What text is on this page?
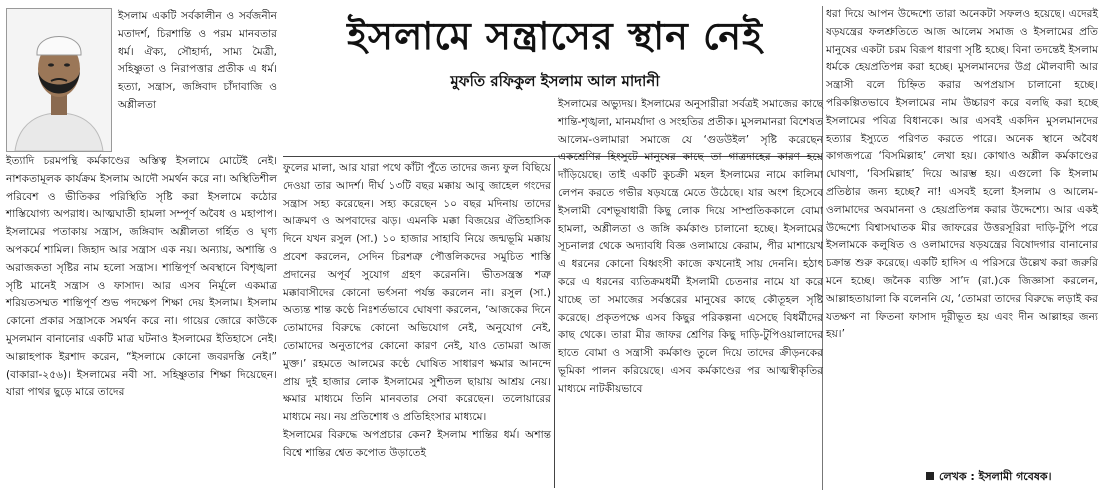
ইসলাম একটি সর্বকালীন ও সর্বজনীন মতাদর্শ, চিরশান্তি ও পরম মানবতার ধর্ম। ঐক্য, সৌহার্দ্য, সাম্য মৈত্রী, সহিষ্ণুতা ও নিরাপত্তার প্রতীক এ ধর্ম। হত্যা, সন্ত্রাস, জঙ্গিবাদ চাঁদাবাজি ও অশ্লীলতা

ইত্যাদি চরমপন্থি কর্মকাণ্ডের অস্তিত্ব ইসলামে মোটেই নেই। নাশকতামূলক কার্যক্রম ইসলাম আদৌ সমর্থন করে না। অস্থিতিশীল পরিবেশ ও ভীতিকর পরিস্থিতি সৃষ্টি করা ইসলামে কঠোর শাস্তিযোগ্য অপরাধ। আত্মঘাতী হামলা সম্পূর্ণ অবৈধ ও মহাপাপ। ইসলামের পতাকায় সন্ত্রাস, জঙ্গিবাদ অশ্লীলতা গর্হিত ও ঘৃণ্য অপকর্মে শামিল। জিহাদ আর সন্ত্রাস এক নয়। অন্যায়, অশান্তি ও অরাজকতা সৃষ্টির নাম হলো সন্ত্রাস। শান্তিপূর্ণ অবস্থানে বিশৃঙ্খলা সৃষ্টি মানেই সন্ত্রাস ও ফাসাদ। আর এসব নির্মূলে একমাত্র শরিয়তসম্মত শান্তিপূর্ণ শুভ পদক্ষেপ শিক্ষা দেয় ইসলাম। ইসলাম কোনো প্রকার সন্ত্রাসকে সমর্থন করে না। গায়ের জোরে কাউকে মুসলমান বানানোর একটি মাত্র ঘটনাও ইসলামের ইতিহাসে নেই। আল্লাহপাক ইরশাদ করেন, “ইসলামে কোনো জবরদস্তি নেই।” (বাকারা-২৫৬)। ইসলামের নবী সা. সহিষ্ণুতার শিক্ষা দিয়েছেন। যারা পাথর ছুড়ে মারে তাদের

ইসলামে সন্ত্রাসের স্থান নেই
মুফতি রফিকুল ইসলাম আল মাদানী

ফুলের মালা, আর যারা পথে কাঁটা পুঁতে তাদের জন্য ফুল বিছিয়ে দেওয়া তার আদর্শ। দীর্ঘ ১৩টি বছর মক্কায় আবু জাহেল গংদের সন্ত্রাস সহ্য করেছেন। সহ্য করেছেন ১০ বছর মদিনায় তাদের আক্রমণ ও অপবাদের ঝড়। এমনকি মক্কা বিজয়ের ঐতিহাসিক দিনে যখন রসুল (সা.) ১০ হাজার সাহাবি নিয়ে জন্মভূমি মক্কায় প্রবেশ করলেন, সেদিন চিরশত্রু পৌত্তলিকদের সমুচিত শাস্তি প্রদানের অপূর্ব সুযোগ গ্রহণ করেননি। ভীতসন্ত্রস্ত শত্রু মক্কাবাসীদের কোনো ভর্ৎসনা পর্যন্ত করলেন না। রসুল (সা.) অত্যন্ত শান্ত কণ্ঠে নিঃশর্তভাবে ঘোষণা করলেন, ‘আজকের দিনে তোমাদের বিরুদ্ধে কোনো অভিযোগ নেই, অনুযোগ নেই, তোমাদের অনুতাপের কোনো কারণ নেই, যাও তোমরা আজ মুক্ত।’ রহমতে আলমের কণ্ঠে ঘোষিত সাধারণ ক্ষমার আনন্দে প্রায় দুই হাজার লোক ইসলামের সুশীতল ছায়ায় আশ্রয় নেয়। ক্ষমার মাধ্যমে তিনি মানবতার সেবা করেছেন। তলোয়ারের মাধ্যমে নয়। নয় প্রতিশোধ ও প্রতিহিংসার মাধ্যমে।

ইসলামের বিরুদ্ধে অপপ্রচার কেন? ইসলাম শান্তির ধর্ম। অশান্ত বিশ্বে শান্তির শ্বেত কপোত উড়াতেই

ইসলামের অভ্যুদয়। ইসলামের অনুসারীরা সর্বত্রই সমাজের কাছে শান্তি-শৃঙ্খলা, মানমর্যাদা ও সংহতির প্রতীক। মুসলমানরা বিশেষত আলেম-ওলামারা সমাজে যে ‘গুডউইল’ সৃষ্টি করেছেন একশ্রেণির হিংসুটে মানুষের কাছে তা গাত্রদাহের কারণ হয়ে দাঁড়িয়েছে। তাই একটি কুচক্রী মহল ইসলামের নামে কালিমা লেপন করতে গভীর ষড়যন্ত্রে মেতে উঠেছে। যার অংশ হিসেবে ইসলামী বেশভূষাধারী কিছু লোক দিয়ে সাম্প্রতিককালে বোমা হামলা, অশ্লীলতা ও জঙ্গি কর্মকাণ্ড চালানো হচ্ছে। ইসলামের সূচনালগ্ন থেকে অদ্যাবধি বিজ্ঞ ওলামায়ে কেরাম, পীর মাশায়েখ এ ধরনের কোনো বিধ্বংসী কাজে কখনোই সায় দেননি। হঠাৎ করে এ ধরনের ব্যতিক্রমধর্মী ইসলামী চেতনার নামে যা করে যাচ্ছে তা সমাজের সর্বস্তরের মানুষের কাছে কৌতূহল সৃষ্টি করেছে। প্রকৃতপক্ষে এসব কিছুর পরিকল্পনা এসেছে বিধর্মীদের কাছ থেকে। তারা মীর জাফর শ্রেণির কিছু দাড়ি-টুপিওয়ালাদের হাতে বোমা ও সন্ত্রাসী কর্মকাণ্ড তুলে দিয়ে তাদের ক্রীড়নকের ভূমিকা পালন করিয়েছে। এসব কর্মকাণ্ডের পর আত্মস্বীকৃতির মাধ্যমে নাটকীয়ভাবে

ধরা দিয়ে আপন উদ্দেশ্যে তারা অনেকটা সফলও হয়েছে। এদেরই ষড়যন্ত্রের ফলশ্রুতিতে আজ আলেম সমাজ ও ইসলামের প্রতি মানুষের একটা চরম বিরূপ ধারণা সৃষ্টি হচ্ছে। বিনা তদন্তেই ইসলাম ধর্মকে হেয়প্রতিপন্ন করা হচ্ছে। মুসলমানদের উগ্র মৌলবাদী আর সন্ত্রাসী বলে চিহ্নিত করার অপপ্রয়াস চালানো হচ্ছে। পরিকল্পিতভাবে ইসলামের নাম উচ্চারণ করে বলছি করা হচ্ছে ইসলামের পবিত্র বিধানকে। আর এসবই একদিন মুসলমানদের হত্যার ইস্যুতে পরিণত করতে পারে। অনেক স্থানে অবৈধ কাগজপত্রে ‘বিসমিল্লাহ’ লেখা হয়। কোথাও অশ্লীল কর্মকাণ্ডের ঘোষণা, ‘বিসমিল্লাহ’ দিয়ে আরম্ভ হয়। এগুলো কি ইসলাম প্রতিষ্ঠার জন্য হচ্ছে? না! এসবই হলো ইসলাম ও আলেম-ওলামাদের অবমাননা ও হেয়প্রতিপন্ন করার উদ্দেশ্যে। আর একই উদ্দেশ্যে বিশ্বাসঘাতক মীর জাফরের উত্তরসূরিরা দাড়ি-টুপি পরে ইসলামকে কলুষিত ও ওলামাদের ষড়যন্ত্রের বিষোদগার বানানোর চক্রান্ত শুরু করেছে। একটি হাদিস এ পরিসরে উল্লেখ করা জরুরি মনে হচ্ছে। জনৈক ব্যক্তি সা’দ (রা.)কে জিজ্ঞাসা করলেন, আল্লাহতায়ালা কি বলেননি যে, ‘তোমরা তাদের বিরুদ্ধে লড়াই কর যতক্ষণ না ফিতনা ফাসাদ দূরীভূত হয় এবং দীন আল্লাহর জন্য হয়।’

লেখক : ইসলামী গবেষক।
